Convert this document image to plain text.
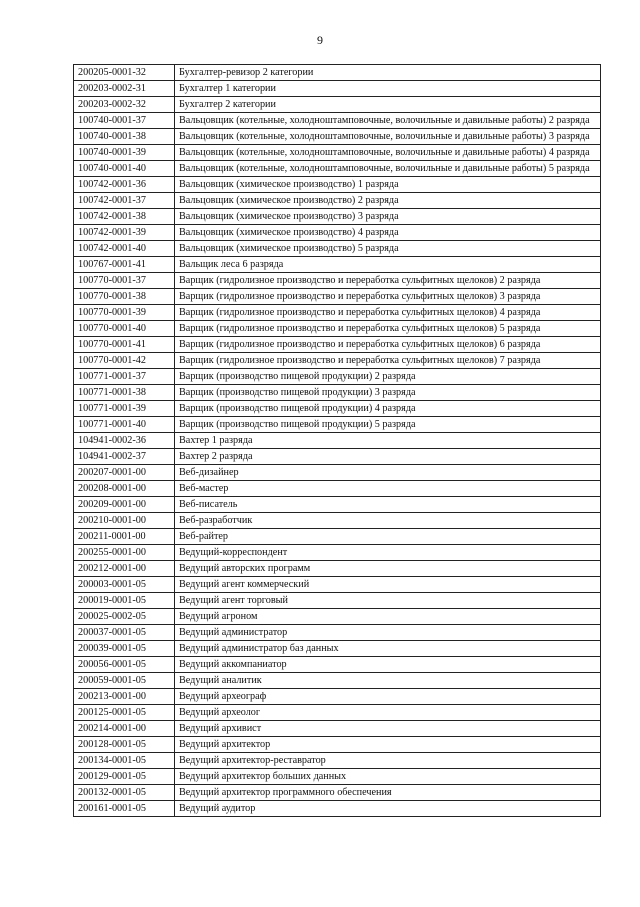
9
200205-0001-32	Бухгалтер-ревизор 2 категории
200203-0002-31	Бухгалтер 1 категории
200203-0002-32	Бухгалтер 2 категории
100740-0001-37	Вальцовщик (котельные, холодноштамповочные, волочильные и давильные работы) 2 разряда
100740-0001-38	Вальцовщик (котельные, холодноштамповочные, волочильные и давильные работы) 3 разряда
100740-0001-39	Вальцовщик (котельные, холодноштамповочные, волочильные и давильные работы) 4 разряда
100740-0001-40	Вальцовщик (котельные, холодноштамповочные, волочильные и давильные работы) 5 разряда
100742-0001-36	Вальцовщик (химическое производство) 1 разряда
100742-0001-37	Вальцовщик (химическое производство) 2 разряда
100742-0001-38	Вальцовщик (химическое производство) 3 разряда
100742-0001-39	Вальцовщик (химическое производство) 4 разряда
100742-0001-40	Вальцовщик (химическое производство) 5 разряда
100767-0001-41	Вальщик леса 6 разряда
100770-0001-37	Варщик (гидролизное производство и переработка сульфитных щелоков) 2 разряда
100770-0001-38	Варщик (гидролизное производство и переработка сульфитных щелоков) 3 разряда
100770-0001-39	Варщик (гидролизное производство и переработка сульфитных щелоков) 4 разряда
100770-0001-40	Варщик (гидролизное производство и переработка сульфитных щелоков) 5 разряда
100770-0001-41	Варщик (гидролизное производство и переработка сульфитных щелоков) 6 разряда
100770-0001-42	Варщик (гидролизное производство и переработка сульфитных щелоков) 7 разряда
100771-0001-37	Варщик (производство пищевой продукции) 2 разряда
100771-0001-38	Варщик (производство пищевой продукции) 3 разряда
100771-0001-39	Варщик (производство пищевой продукции) 4 разряда
100771-0001-40	Варщик (производство пищевой продукции) 5 разряда
104941-0002-36	Вахтер 1 разряда
104941-0002-37	Вахтер 2 разряда
200207-0001-00	Веб-дизайнер
200208-0001-00	Веб-мастер
200209-0001-00	Веб-писатель
200210-0001-00	Веб-разработчик
200211-0001-00	Веб-райтер
200255-0001-00	Ведущий-корреспондент
200212-0001-00	Ведущий авторских программ
200003-0001-05	Ведущий агент коммерческий
200019-0001-05	Ведущий агент торговый
200025-0002-05	Ведущий агроном
200037-0001-05	Ведущий администратор
200039-0001-05	Ведущий администратор баз данных
200056-0001-05	Ведущий аккомпаниатор
200059-0001-05	Ведущий аналитик
200213-0001-00	Ведущий археограф
200125-0001-05	Ведущий археолог
200214-0001-00	Ведущий архивист
200128-0001-05	Ведущий архитектор
200134-0001-05	Ведущий архитектор-реставратор
200129-0001-05	Ведущий архитектор больших данных
200132-0001-05	Ведущий архитектор программного обеспечения
200161-0001-05	Ведущий аудитор
